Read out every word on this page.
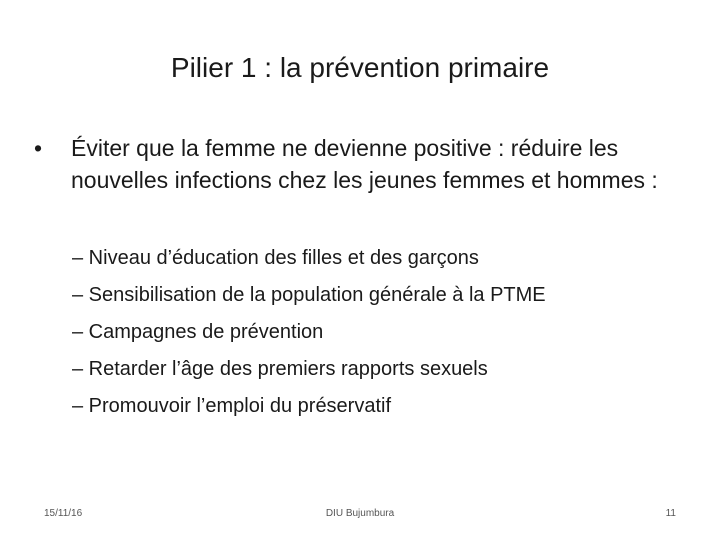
Pilier 1 : la prévention primaire
• Éviter que la femme ne devienne positive : réduire les nouvelles infections chez les jeunes femmes et hommes :
– Niveau d’éducation des filles et des garçons
– Sensibilisation de la population générale à la PTME
– Campagnes de prévention
– Retarder l’âge des premiers rapports sexuels
– Promouvoir l’emploi du préservatif
15/11/16	DIU Bujumbura	11
